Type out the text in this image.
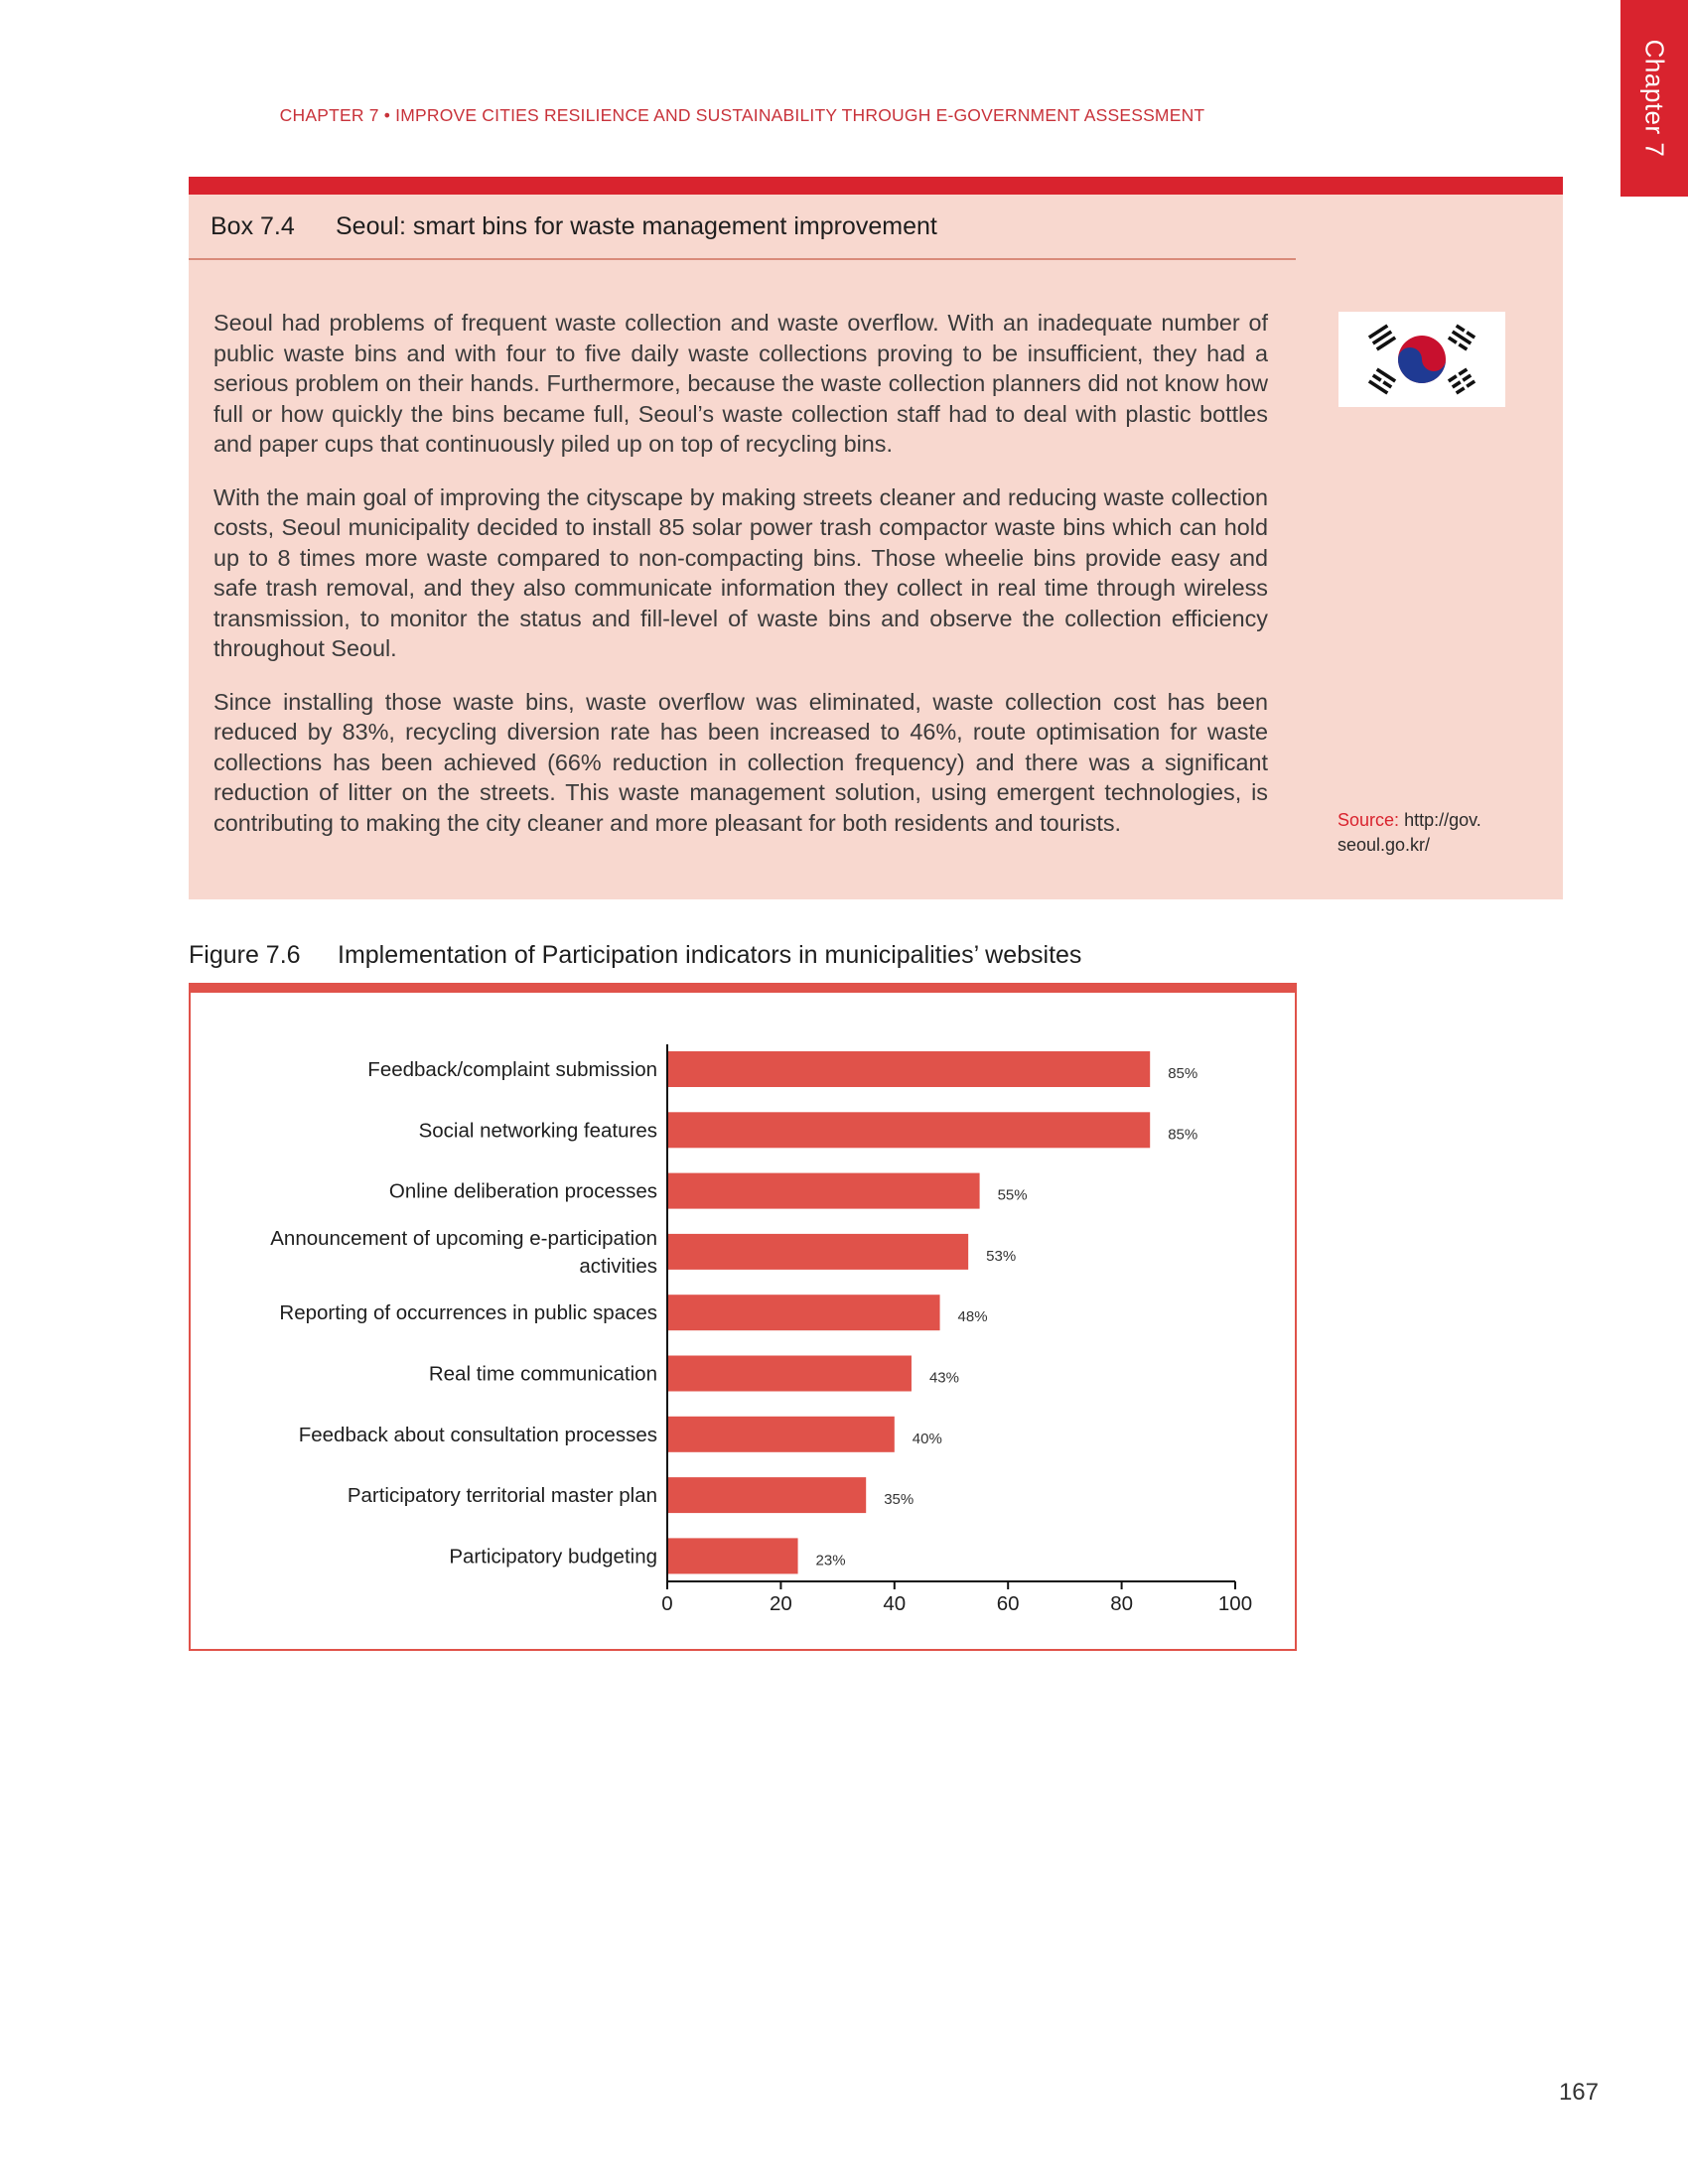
Chapter 7
CHAPTER 7 • IMPROVE CITIES RESILIENCE AND SUSTAINABILITY THROUGH E-GOVERNMENT ASSESSMENT
Box 7.4 Seoul: smart bins for waste management improvement

Seoul had problems of frequent waste collection and waste overflow. With an inadequate number of public waste bins and with four to five daily waste collections proving to be insufficient, they had a serious problem on their hands. Furthermore, because the waste collection planners did not know how full or how quickly the bins became full, Seoul’s waste collection staff had to deal with plastic bottles and paper cups that continuously piled up on top of recycling bins.

With the main goal of improving the cityscape by making streets cleaner and reducing waste collection costs, Seoul municipality decided to install 85 solar power trash compactor waste bins which can hold up to 8 times more waste compared to non-compacting bins. Those wheelie bins provide easy and safe trash removal, and they also communicate information they collect in real time through wireless transmission, to monitor the status and fill-level of waste bins and observe the collection efficiency throughout Seoul.

Since installing those waste bins, waste overflow was eliminated, waste collection cost has been reduced by 83%, recycling diversion rate has been increased to 46%, route optimisation for waste collections has been achieved (66% reduction in collection frequency) and there was a significant reduction of litter on the streets. This waste management solution, using emergent technologies, is contributing to making the city cleaner and more pleasant for both residents and tourists.	Source: http://gov. seoul.go.kr/
Figure 7.6 Implementation of Participation indicators in municipalities’ websites
85%
Feedback/complaint submission
85%
Social networking features
55%
Online deliberation processes
53%
Announcement of upcoming e-participation
activities
48%
Reporting of occurrences in public spaces
43%
Real time communication
40%
Feedback about consultation processes
35%
Participatory territorial master plan
23%
Participatory budgeting
0	20	40	60	80	100
167
